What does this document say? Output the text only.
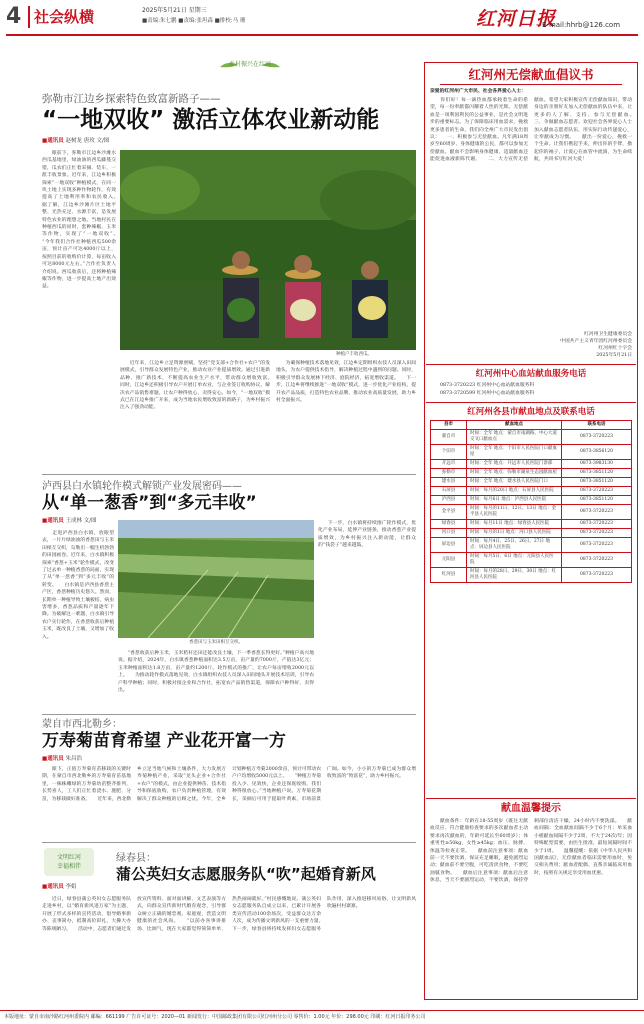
4 社会纵横	2025年5月21日 星期三
■责编:朱七鹏 ■责编:张坦森 ■排校:马 珊	红河日报
E-mail:hhrb@126.com
乡村振兴在红河
弥勒市江边乡探索特色致富新路子——
“一地双收” 激活立体农业新动能
■通讯员 赵树龙 唐玫 文/图
　　眼前下，弥勒市江边乡沙滩水西瓜基地里，绿油油的西瓜藤蔓交错，瓜农们正忙着采摘、装车，一派丰收景象。近年来，江边乡积极探索“一地双收”种植模式，在同一块土地上实现多种作物轮作，有效提高了土地利用率和农民收入。　　据了解，江边乡沙滩片区土地平整、光热充足、水源丰富，是发展特色农业的理想之地。当地村民在种植西瓜的同时，套种辣椒、玉米等作物，实现了“一地双收”。　　“今年我们合作社种植西瓜500余亩，预计亩产可达4000斤以上，按照目前的收购价计算，每亩收入可达8000元左右。”合作社负责人介绍说。西瓜收获后，还将种植辣椒等作物，进一步提高土地产出效益。
种植户丰收西瓜。
　　近年来，江边乡立足资源禀赋，坚持“党支部+合作社+农户”的发展模式，引导群众发展特色产业，推动农业产业提质增效。通过引进新品种、推广新技术，不断提高农业生产水平，带动群众增收致富。　　同时，江边乡还积极引导农户开展订单农业，与企业签订收购协议，解决农产品销售难题，让农户种得放心、卖得安心。如今，“一地双收”模式已在江边乡推广开来，成为当地农民增收致富的新路子，为乡村振兴注入了强劲动能。
　　为确保种植技术落地见效，江边乡定期组织农技人员深入田间地头，为农户提供技术指导，解决种植过程中遇到的问题。同时，积极引导群众发展林下经济、庭院经济，拓宽增收渠道。　　下一步，江边乡将继续推进“一地双收”模式，进一步优化产业结构，提升农产品品质，打造特色农业品牌，推动农业高质量发展，助力乡村全面振兴。
泸西县白水镇轮作模式解锁产业发展密码——
从“单一葱香”到“多元丰收”
■通讯员 王成林 文/图
　　走进泸西县白水镇，放眼望去，一片片绿油油的香葱田与玉米田相互交织，勾勒出一幅生机勃勃的田园画卷。近年来，白水镇积极探索“香葱+玉米”轮作模式，改变了过去单一种植香葱的局面，实现了从“单一葱香”到“多元丰收”的转变。　　白水镇是泸西县香葱主产区，香葱种植历史悠久。然而，长期单一种植导致土壤板结、病虫害增多，香葱品质和产量逐年下降。为破解这一难题，白水镇引导农户实行轮作，在香葱收获后种植玉米，既改良了土壤，又增加了收入。
香葱田与玉米田相互交织。
　　“香葱收获后种玉米，玉米秸秆还田还能改良土壤，下一季香葱长得更好。”种植户高兴地说。据介绍，2024年，白水镇香葱种植面积达3.5万亩，亩产量约7000斤，产值达3亿元；玉米种植面积达1.8万亩，亩产量约1200斤。轮作模式的推广，让农户每亩增收2000元以上。　　为推动轮作模式落地见效，白水镇组织农技人员深入田间地头开展技术培训，引导农户科学种植；同时，积极对接企业和合作社，拓宽农产品销售渠道，保障农户种得好、卖得出。
　　下一步，白水镇将持续推广轮作模式，优化产业布局，延伸产业链条，推动香葱产业提质增效，为乡村振兴注入新动能，让群众的“钱袋子”越来越鼓。
蒙自市西北勒乡：
万寿菊苗育希望 产业花开富一方
■通讯员 朱昌浩
　　眼下，正值万寿菊育苗移栽的关键时期，在蒙自市西北勒乡的万寿菊育苗基地里，一株株嫩绿的万寿菊幼苗整齐排列，长势喜人，工人们正忙着浇水、施肥、分苗，为移栽做好准备。　　近年来，西北勒乡立足当地气候和土壤条件，大力发展万寿菊种植产业，采取“龙头企业+合作社+农户”的模式，由企业提供种苗、技术指导和保底收购，农户负责种植管理，有效解决了群众种植的后顾之忧。今年，全乡计划种植万寿菊2000余亩，预计可带动农户户均增收5000元以上。　　“种植万寿菊投入少、见效快，企业还保底收购，我们种得很放心。”当地种植户说。万寿菊花期长，采摘后可用于提取叶黄素，市场前景广阔。如今，小小的万寿菊已成为群众增收致富的“致富花”，助力乡村振兴。
文明红河
幸福相伴
绿春县：
蒲公英妇女志愿服务队“吹”起婚育新风
■通讯员 李娟
　　近日，绿春县蒲公英妇女志愿服务队走进乡村，以“婚育新风进万家”为主题，开展了形式多样的宣传活动，倡导婚事新办、丧事简办，抵制高价彩礼、大操大办等陈规陋习。　　活动中，志愿者们通过发放宣传资料、面对面讲解、文艺表演等方式，向群众宣传新时代婚育观念，引导群众树立正确的婚恋观、家庭观，营造文明健康的社会风尚。　　“以前办喜事讲排场、比阔气，现在大家都觉得简简单单、热热闹闹就好。”村民感慨地说。蒲公英妇女志愿服务队自成立以来，已累计开展各类宣传活动100余场次，受益群众达万余人次，成为传播文明新风的一支重要力量。　　下一步，绿春县将持续发挥妇女志愿服务队作用，深入推进移风易俗，让文明新风吹遍村村寨寨。
红河州无偿献血倡议书
亲爱的红河州广大市民、社会各界爱心人士：
　　你们好！每一滴热血都承载着生命的希望，每一份奉献都闪耀着人性的光辉。无偿献血是一项利国利民的公益事业，是社会文明进步的重要标志。为了保障临床用血需求，挽救更多患者的生命，我们向全州广大市民发出倡议：　　一、积极参与无偿献血。凡年满18周岁至60周岁、身体健康的公民，都可以参加无偿献血。献血不会影响身体健康，适量献血还能促进血液新陈代谢。　　二、大力宣传无偿献血。希望大家积极宣传无偿献血知识，带动身边的亲朋好友加入无偿献血的队伍中来，让更多的人了解、支持、参与无偿献血。　　三、争做献血志愿者。欢迎社会各界爱心人士加入献血志愿者队伍，用实际行动传递爱心，让奉献成为习惯。　　献出一份爱心，挽救一个生命。让我们携起手来，伸出你的手臂，撸起你的袖子，让爱心在血管中流淌，为生命续航，共同书写红河大爱！
红河州卫生健康委员会
中国共产主义青年团红河州委员会
红河州红十字会
2025年5月21日
红河州中心血站献血服务电话
0873-3720223 红河州中心血站献血服务科
0873-3720599 红河州中心血站献血服务科
红河州各县市献血地点及联系电话
县市	献血地点	联系电话
蒙自市	时间：全年 地点：蒙自市南湖路、中心大道交叉口献血点	0873-3720223
个旧市	时间：全年 地点：个旧市人民医院门口献血屋	0873-3856120
开远市	时间：全年 地点：开远市人民医院门诊部	0873-3983130
弥勒市	时间：全年 地点：弥勒市湖泉生态园献血屋	0873-3851120
建水县	时间：全年 地点：建水县人民医院门口	0873-3851120
石屏县	时间：每月的20日 地点：石屏县人民医院	0873-3720223
泸西县	时间：每月6日 地点：泸西县人民医院	0873-3851120
金平县	时间：每月的11日、12日、13日 地点：金平县人民医院	0873-3720223
绿春县	时间：每月11日 地点：绿春县人民医院	0873-3720223
河口县	时间：每月的1日 地点：河口县人民医院	0873-3720223
屏边县	时间：每月4日、25日、26日、27日 地点：屏边县人民医院	0873-3720223
元阳县	时间：每月5日、6日 地点：元阳县人民医院	0873-3720223
红河县	时间：每月的28日、29日、30日 地点：红河县人民医院	0873-3720223
献血温馨提示
　　献血条件：年龄在18-55周岁（既往无献血反应、符合健康检查要求的多次献血者主动要求再次献血的，年龄可延长至60周岁）；体重男性≥50kg，女性≥45kg；血压、脉搏、体温等检查正常。　　献血前注意事项：献血前一天不要饮酒，保证充足睡眠，避免剧烈运动；献血前不要空腹，可吃清淡食物，不要吃油腻食物。　　献血后注意事项：献血后注意休息，当天不要剧烈运动，不要饮酒，保持穿刺部位清洁干燥，24小时内不要洗澡。　　献血间隔：全血献血间隔不少于6个月；单采血小板献血间隔不少于2周，不大于24次/年；因特殊配型需要，由医生批准，最短间隔时间不少于1周。　　温馨提醒：依据《中华人民共和国献血法》，无偿献血者临床需要用血时，免交相关费用；献血者配偶、直系亲属临床用血时，按照有关规定享受用血优惠。
本版地址：蒙自市南沙路红河州委院内 邮编：661199 广告许可证号：2020—01 新闻发行：中国邮政集团有限公司红河州分公司 零售价：1.00元 年价：298.00元 印刷：红河日报印务公司
